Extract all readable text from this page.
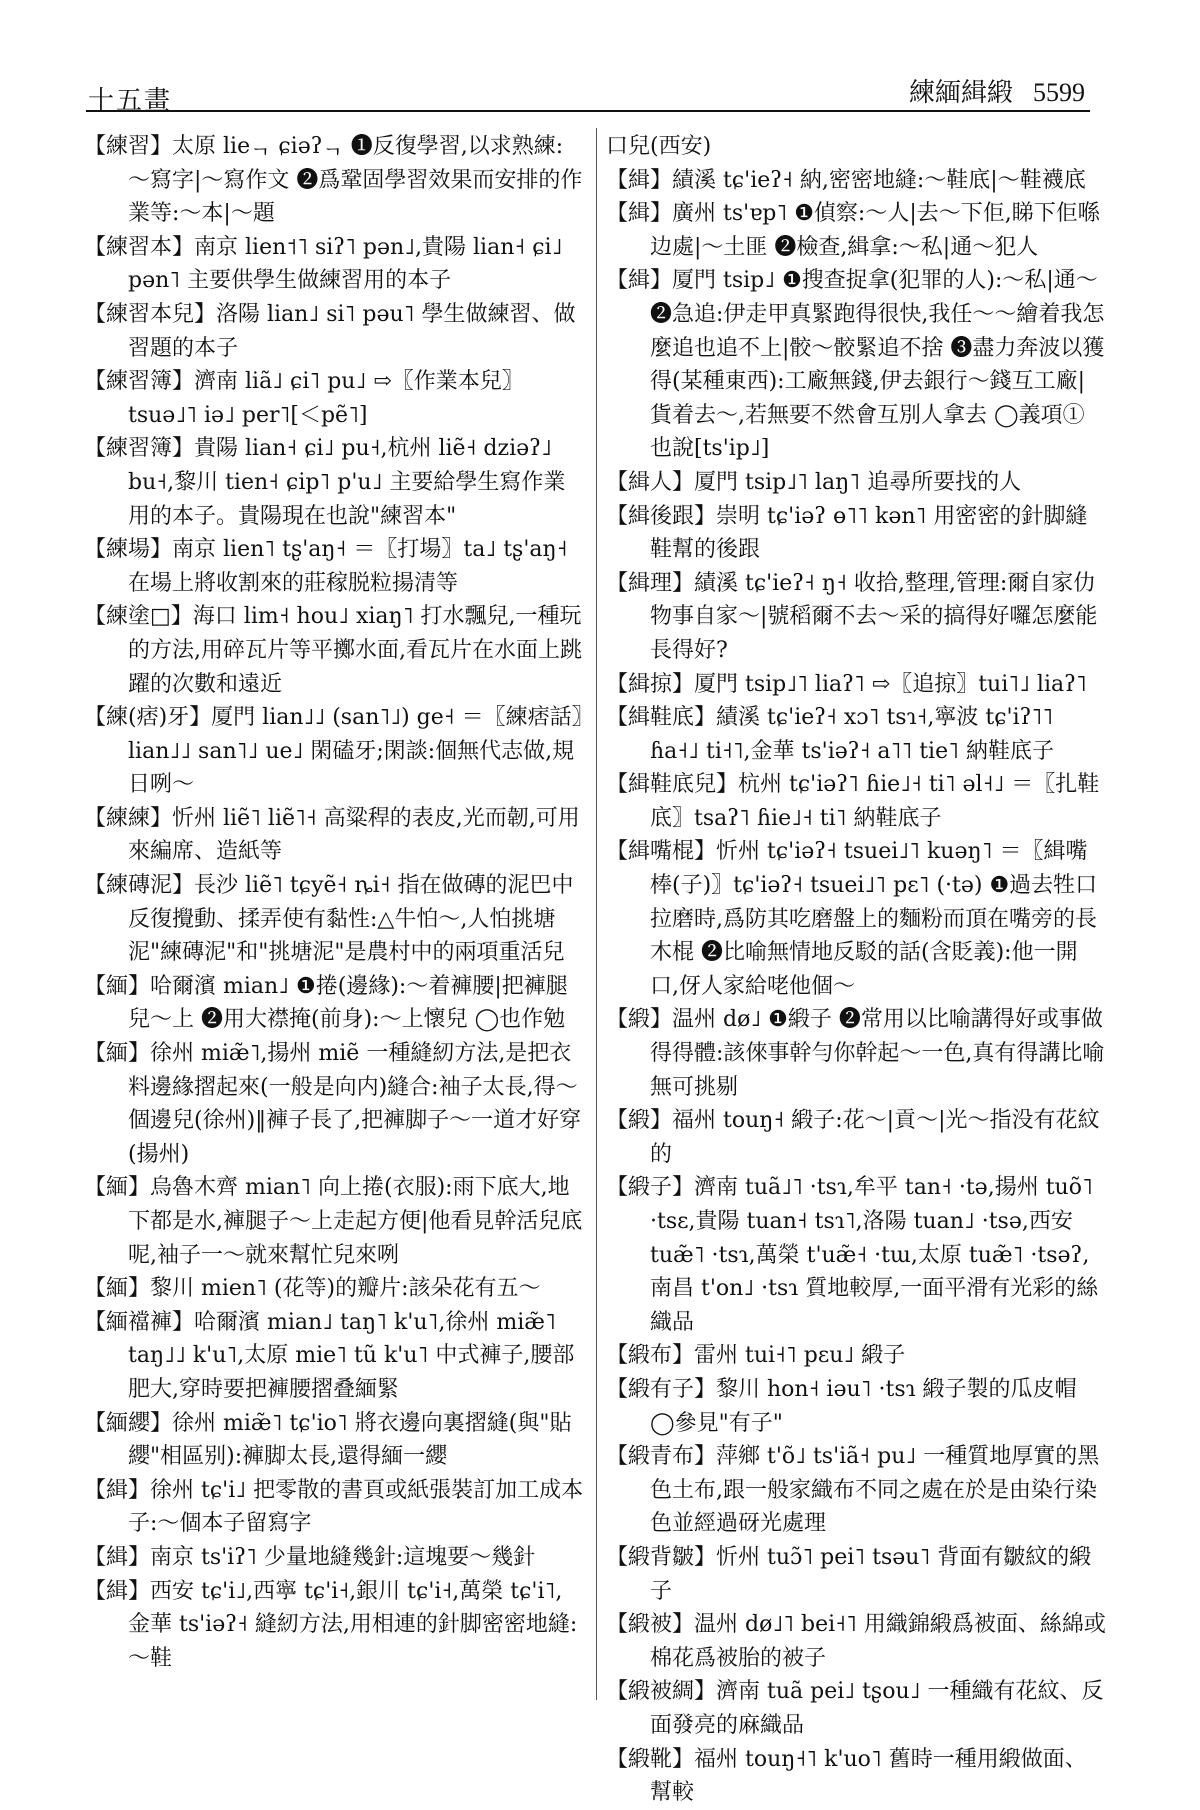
十五畫	練緬緝緞 5599

【練習】太原 lieᆨ ɕiəʔᆨ ❶反復學習,以求熟練:～寫字|～寫作文 ❷爲鞏固學習效果而安排的作業等:～本|～題

【練習本】南京 lien˦˥ siʔ˥ pən˩,貴陽 lian˧ ɕi˩ pən˥ 主要供學生做練習用的本子

【練習本兒】洛陽 lian˩ si˥ pəu˥ 學生做練習、做習題的本子

【練習簿】濟南 liã˩ ɕi˥ pu˩ ⇨〖作業本兒〗tsuə˩˥ iə˩ per˥[＜pẽ˥]

【練習簿】貴陽 lian˧ ɕi˩ pu˧,杭州 liẽ˧ dziəʔ˩ bu˧,黎川 tien˧ ɕip˥ p'u˩ 主要給學生寫作業用的本子。貴陽現在也說"練習本"

【練場】南京 lien˥ tʂ'aŋ˧ ＝〖打場〗ta˩ tʂ'aŋ˧ 在場上將收割來的莊稼脱粒揚清等

【練塗□】海口 lim˧ hou˩ xiaŋ˥ 打水飄兒,一種玩的方法,用碎瓦片等平擲水面,看瓦片在水面上跳躍的次數和遠近

【練(痞)牙】厦門 lian˩˩ (san˥˩) ge˧ ＝〖練痞話〗lian˩˩ san˥˩ ue˩ 閑磕牙;閑談:個無代志做,規日咧～

【練練】忻州 liẽ˥ liẽ˥˧ 高粱稈的表皮,光而韌,可用來編席、造紙等

【練磚泥】長沙 liẽ˥ tɕyẽ˧ ȵi˧ 指在做磚的泥巴中反復攪動、揉弄使有黏性:△牛怕～,人怕挑塘泥"練磚泥"和"挑塘泥"是農村中的兩項重活兒

【緬】哈爾濱 mian˩ ❶捲(邊緣):～着褲腰|把褲腿兒～上 ❷用大襟掩(前身):～上懷兒 ◯也作勉

【緬】徐州 miæ̃˥,揚州 miẽ 一種縫紉方法,是把衣料邊緣摺起來(一般是向内)縫合:袖子太長,得～個邊兒(徐州)‖褲子長了,把褲脚子～一道才好穿(揚州)

【緬】烏魯木齊 mian˥ 向上捲(衣服):雨下底大,地下都是水,褲腿子～上走起方便|他看見幹活兒底呢,袖子一～就來幫忙兒來咧

【緬】黎川 mien˥ (花等)的瓣片:該朵花有五～

【緬襠褲】哈爾濱 mian˩ taŋ˥ k'u˥,徐州 miæ̃˥ taŋ˩˩ k'u˥,太原 mie˥ tũ k'u˥ 中式褲子,腰部肥大,穿時要把褲腰摺叠緬緊

【緬纓】徐州 miæ̃˥ tɕ'io˥ 將衣邊向裏摺縫(與"貼纓"相區别):褲脚太長,還得緬一纓

【緝】徐州 tɕ'i˩ 把零散的書頁或紙張裝訂加工成本子:～個本子留寫字

【緝】南京 ts'iʔ˥ 少量地縫幾針:這塊要～幾針

【緝】西安 tɕ'i˩,西寧 tɕ'i˧,銀川 tɕ'i˧,萬榮 tɕ'i˥,金華 ts'iəʔ˧ 縫紉方法,用相連的針脚密密地縫:～鞋

口兒(西安)

【緝】績溪 tɕ'ieʔ˧ 納,密密地縫:～鞋底|～鞋襪底

【緝】廣州 ts'ɐp˥ ❶偵察:～人|去～下佢,睇下佢喺边處|～土匪 ❷檢查,緝拿:～私|通～犯人

【緝】厦門 tsip˩ ❶搜查捉拿(犯罪的人):～私|通～ ❷急追:伊走甲真緊跑得很快,我任～～繪着我怎麼追也追不上|骹～骹緊追不捨 ❸盡力奔波以獲得(某種東西):工廠無錢,伊去銀行～錢互工廠|貨着去～,若無要不然會互別人拿去 ◯義項①也說[ts'ip˩]

【緝人】厦門 tsip˩˥ laŋ˥ 追尋所要找的人

【緝後跟】崇明 tɕ'iəʔ ɵ˥˥ kən˥ 用密密的針脚縫鞋幫的後跟

【緝理】績溪 tɕ'ieʔ˧ ŋ˧ 收拾,整理,管理:爾自家仂物事自家～|號稻爾不去～采的搞得好囉怎麼能長得好?

【緝掠】厦門 tsip˩˥ liaʔ˥ ⇨〖追掠〗tui˥˩ liaʔ˥

【緝鞋底】績溪 tɕ'ieʔ˧ xɔ˥ tsɿ˧,寧波 tɕ'iʔ˥˥ ɦa˧˩ ti˧˥,金華 ts'iəʔ˧ a˥˥ tie˥ 納鞋底子

【緝鞋底兒】杭州 tɕ'iəʔ˥ ɦie˩˧ ti˥ əl˧˩ ＝〖扎鞋底〗tsaʔ˥ ɦie˩˧ ti˥ 納鞋底子

【緝嘴棍】忻州 tɕ'iəʔ˧ tsuei˩˥ kuəŋ˥ ＝〖緝嘴棒(子)〗tɕ'iəʔ˧ tsuei˩˥ pɛ˥ (·tə) ❶過去牲口拉磨時,爲防其吃磨盤上的麵粉而頂在嘴旁的長木棍 ❷比喻無情地反駁的話(含貶義):他一開口,伢人家給咾他個～

【緞】温州 dø˩ ❶緞子 ❷常用以比喻講得好或事做得得體:該倈事幹勻你幹起～一色,真有得講比喻無可挑剔

【緞】福州 touŋ˧ 緞子:花～|貢～|光～指没有花紋的

【緞子】濟南 tuã˩˥ ·tsɿ,牟平 tan˧ ·tə,揚州 tuõ˥ ·tsɛ,貴陽 tuan˧ tsɿ˥,洛陽 tuan˩ ·tsə,西安 tuæ̃˥ ·tsɿ,萬榮 t'uæ̃˧ ·tɯ,太原 tuæ̃˥ ·tsəʔ,南昌 t'on˩ ·tsɿ 質地較厚,一面平滑有光彩的絲織品

【緞布】雷州 tui˧˥ pɛu˩ 緞子

【緞有子】黎川 hon˧ iəu˥ ·tsɿ 緞子製的瓜皮帽 ◯參見"有子"

【緞青布】萍鄉 t'õ˩ ts'iã˧ pu˩ 一種質地厚實的黑色土布,跟一般家織布不同之處在於是由染行染色並經過砑光處理

【緞背皺】忻州 tuɔ̃˥ pei˥ tsəu˥ 背面有皺紋的緞子

【緞被】温州 dø˩˥ bei˧˥ 用織錦緞爲被面、絲綿或棉花爲被胎的被子

【緞被綢】濟南 tuã pei˩ tʂou˩ 一種織有花紋、反面發亮的麻織品

【緞靴】福州 touŋ˧˥ k'uo˥ 舊時一種用緞做面、幫較
